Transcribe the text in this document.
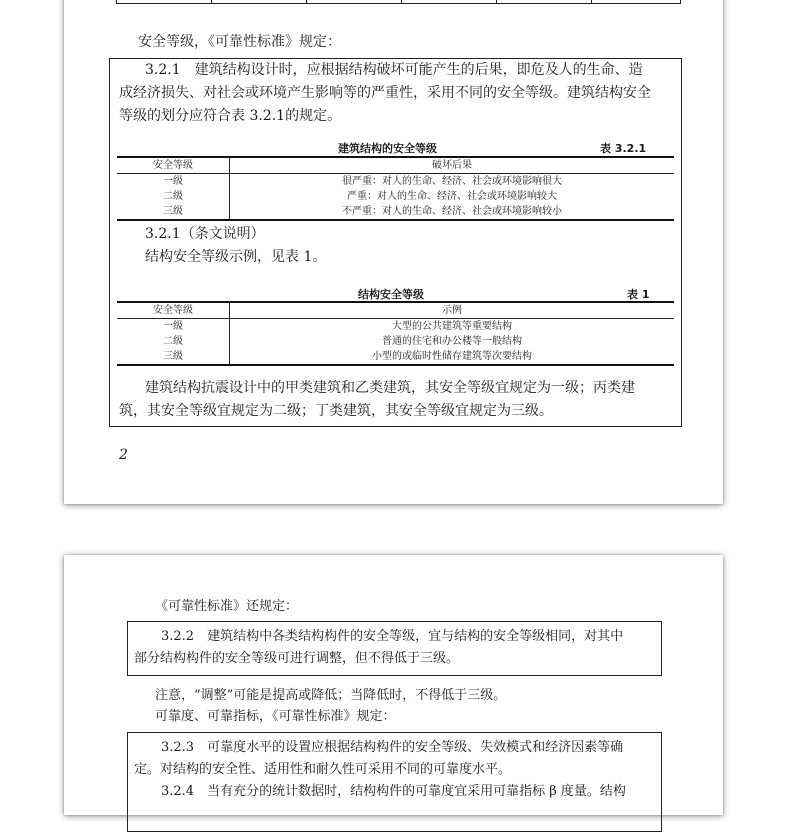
安全等级，《可靠性标准》规定：
3.2.1　建筑结构设计时，应根据结构破坏可能产生的后果，即危及人的生命、造
成经济损失、对社会或环境产生影响等的严重性，采用不同的安全等级。建筑结构安全
等级的划分应符合表 3.2.1的规定。
建筑结构的安全等级	表 3.2.1
安全等级	破坏后果
一级	很严重：对人的生命、经济、社会或环境影响很大
二级	严重：对人的生命、经济、社会或环境影响较大
三级	不严重：对人的生命、经济、社会或环境影响较小
3.2.1（条文说明）
结构安全等级示例，见表 1。
结构安全等级	表 1
安全等级	示例
一级	大型的公共建筑等重要结构
二级	普通的住宅和办公楼等一般结构
三级	小型的或临时性储存建筑等次要结构
建筑结构抗震设计中的甲类建筑和乙类建筑，其安全等级宜规定为一级；丙类建
筑，其安全等级宜规定为二级；丁类建筑，其安全等级宜规定为三级。
2
《可靠性标准》还规定：
3.2.2　建筑结构中各类结构构件的安全等级，宜与结构的安全等级相同，对其中
部分结构构件的安全等级可进行调整，但不得低于三级。
注意，“调整”可能是提高或降低；当降低时，不得低于三级。
可靠度、可靠指标，《可靠性标准》规定：
3.2.3　可靠度水平的设置应根据结构构件的安全等级、失效模式和经济因素等确
定。对结构的安全性、适用性和耐久性可采用不同的可靠度水平。
3.2.4　当有充分的统计数据时，结构构件的可靠度宜采用可靠指标 β 度量。结构
